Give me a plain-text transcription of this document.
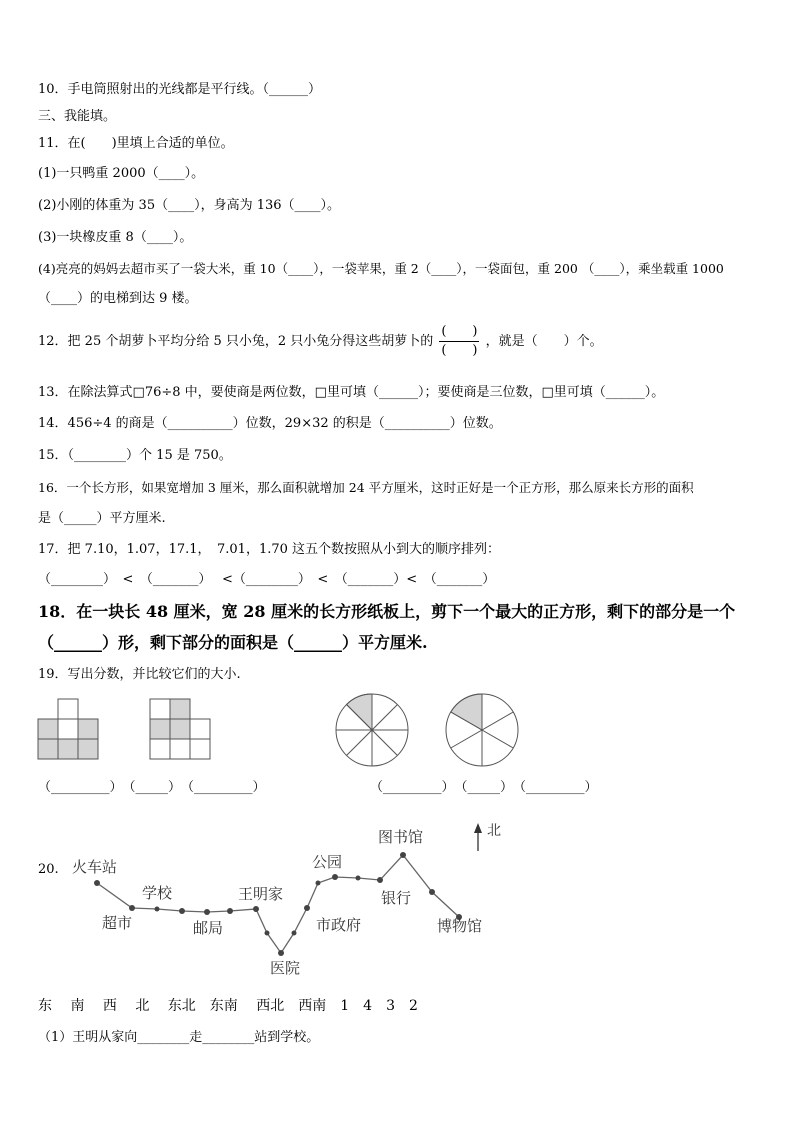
10．手电筒照射出的光线都是平行线。（______）
三、我能填。
11．在(　　)里填上合适的单位。
(1)一只鸭重 2000（____）。
(2)小刚的体重为 35（____），身高为 136（____）。
(3)一块橡皮重 8（____）。
(4)亮亮的妈妈去超市买了一袋大米，重 10（____），一袋苹果，重 2（____），一袋面包，重 200 （____），乘坐载重 1000
（____）的电梯到达 9 楼。
12．把 25 个胡萝卜平均分给 5 只小兔，2 只小兔分得这些胡萝卜的 $\frac{( )}{( )}$ ，就是（　　）个。
13．在除法算式□76÷8 中，要使商是两位数，□里可填（______）；要使商是三位数，□里可填（______）。
14．456÷4 的商是（__________）位数，29×32 的积是（__________）位数。
15．（________）个 15 是 750。
16．一个长方形，如果宽增加 3 厘米，那么面积就增加 24 平方厘米，这时正好是一个正方形，那么原来长方形的面积
是（_____）平方厘米.
17．把 7.10，1.07，17.1，　7.01，1.70 这五个数按照从小到大的顺序排列：
（________）　<　（_______）　 <（________）　<　（_______）<　（_______）
18．在一块长 48 厘米，宽 28 厘米的长方形纸板上，剪下一个最大的正方形，剩下的部分是一个
（______）形，剩下部分的面积是（______）平方厘米.
19．写出分数，并比较它们的大小.
（_________）　（_____）　（_________）	（_________）　（_____）　（_________）
20. 火车站
超市
学校
邮局
王明家
医院
市政府
公园
图书馆
银行
博物馆
北
东　 南　 西　 北　 东北　东南　 西北　西南　1　4　3　2
（1）王明从家向________走________站到学校。
